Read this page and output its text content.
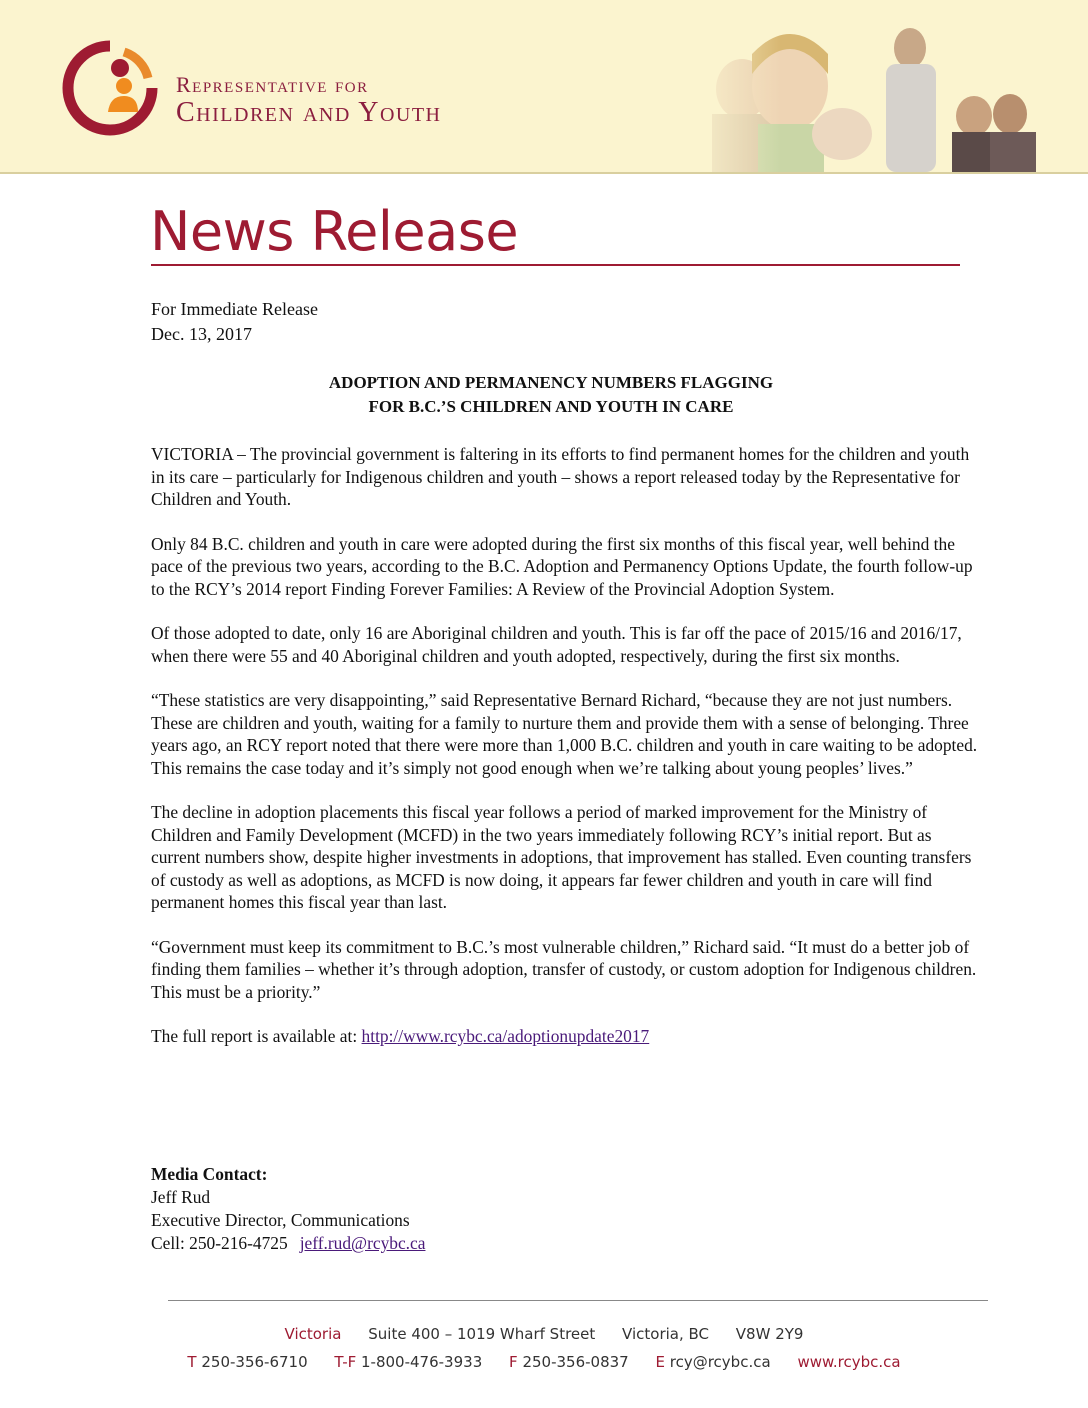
Representative for
Children and Youth
News Release
For Immediate Release
Dec. 13, 2017
ADOPTION AND PERMANENCY NUMBERS FLAGGING
FOR B.C.’S CHILDREN AND YOUTH IN CARE

VICTORIA – The provincial government is faltering in its efforts to find permanent homes for the children and youth in its care – particularly for Indigenous children and youth – shows a report released today by the Representative for Children and Youth.

Only 84 B.C. children and youth in care were adopted during the first six months of this fiscal year, well behind the pace of the previous two years, according to the B.C. Adoption and Permanency Options Update, the fourth follow-up to the RCY’s 2014 report Finding Forever Families: A Review of the Provincial Adoption System.

Of those adopted to date, only 16 are Aboriginal children and youth. This is far off the pace of 2015/16 and 2016/17, when there were 55 and 40 Aboriginal children and youth adopted, respectively, during the first six months.

“These statistics are very disappointing,” said Representative Bernard Richard, “because they are not just numbers. These are children and youth, waiting for a family to nurture them and provide them with a sense of belonging. Three years ago, an RCY report noted that there were more than 1,000 B.C. children and youth in care waiting to be adopted. This remains the case today and it’s simply not good enough when we’re talking about young peoples’ lives.”

The decline in adoption placements this fiscal year follows a period of marked improvement for the Ministry of Children and Family Development (MCFD) in the two years immediately following RCY’s initial report. But as current numbers show, despite higher investments in adoptions, that improvement has stalled. Even counting transfers of custody as well as adoptions, as MCFD is now doing, it appears far fewer children and youth in care will find permanent homes this fiscal year than last.

“Government must keep its commitment to B.C.’s most vulnerable children,” Richard said. “It must do a better job of finding them families – whether it’s through adoption, transfer of custody, or custom adoption for Indigenous children. This must be a priority.”

The full report is available at: http://www.rcybc.ca/adoptionupdate2017

Media Contact:
Jeff Rud
Executive Director, Communications
Cell: 250-216-4725 jeff.rud@rcybc.ca
Victoria Suite 400 – 1019 Wharf Street Victoria, BC V8W 2Y9
T 250-356-6710 T-F 1-800-476-3933 F 250-356-0837 E rcy@rcybc.ca www.rcybc.ca
